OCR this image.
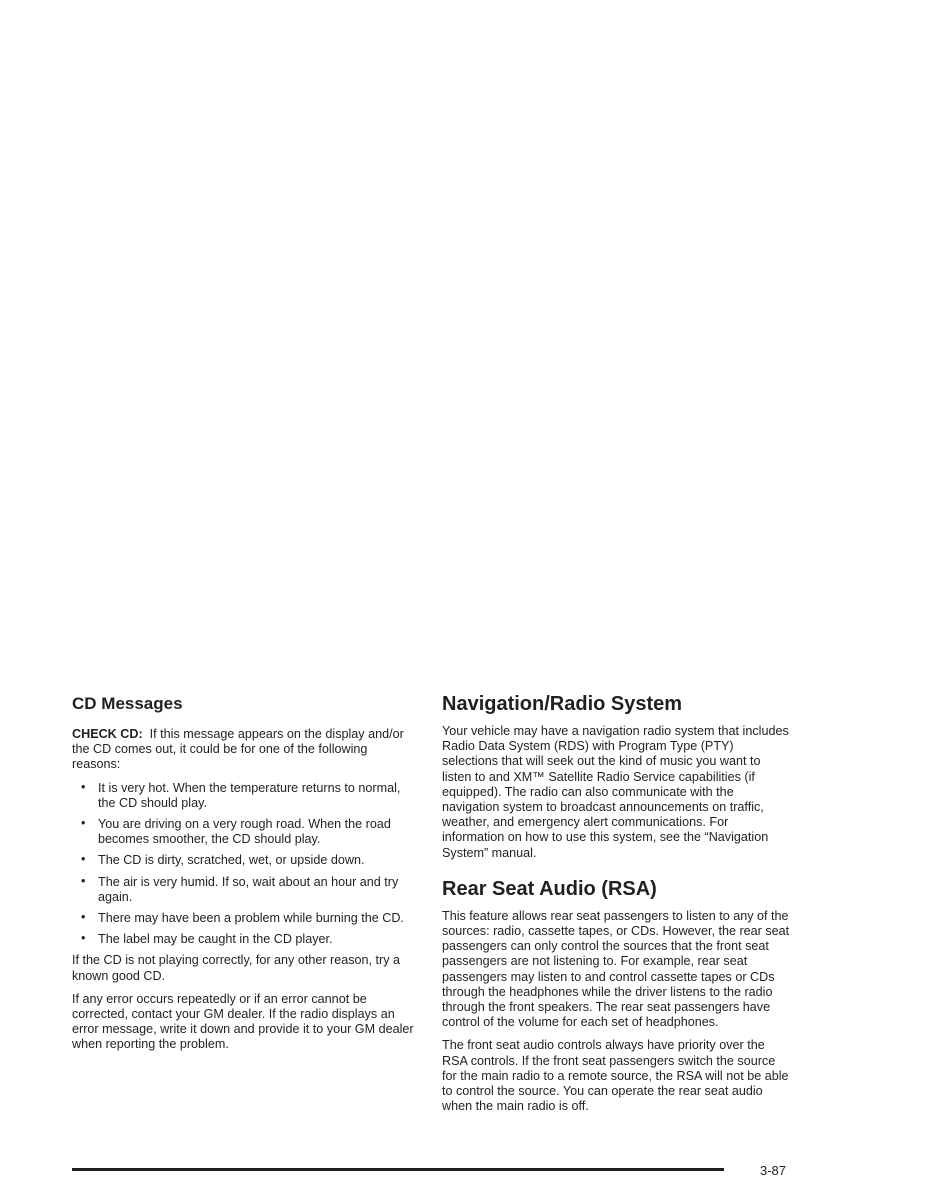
CD Messages

CHECK CD: If this message appears on the display and/or the CD comes out, it could be for one of the following reasons:

• It is very hot. When the temperature returns to normal, the CD should play.
• You are driving on a very rough road. When the road becomes smoother, the CD should play.
• The CD is dirty, scratched, wet, or upside down.
• The air is very humid. If so, wait about an hour and try again.
• There may have been a problem while burning the CD.
• The label may be caught in the CD player.

If the CD is not playing correctly, for any other reason, try a known good CD.

If any error occurs repeatedly or if an error cannot be corrected, contact your GM dealer. If the radio displays an error message, write it down and provide it to your GM dealer when reporting the problem.

Navigation/Radio System

Your vehicle may have a navigation radio system that includes Radio Data System (RDS) with Program Type (PTY) selections that will seek out the kind of music you want to listen to and XM™ Satellite Radio Service capabilities (if equipped). The radio can also communicate with the navigation system to broadcast announcements on traffic, weather, and emergency alert communications. For information on how to use this system, see the “Navigation System” manual.

Rear Seat Audio (RSA)

This feature allows rear seat passengers to listen to any of the sources: radio, cassette tapes, or CDs. However, the rear seat passengers can only control the sources that the front seat passengers are not listening to. For example, rear seat passengers may listen to and control cassette tapes or CDs through the headphones while the driver listens to the radio through the front speakers. The rear seat passengers have control of the volume for each set of headphones.

The front seat audio controls always have priority over the RSA controls. If the front seat passengers switch the source for the main radio to a remote source, the RSA will not be able to control the source. You can operate the rear seat audio when the main radio is off.

3-87
